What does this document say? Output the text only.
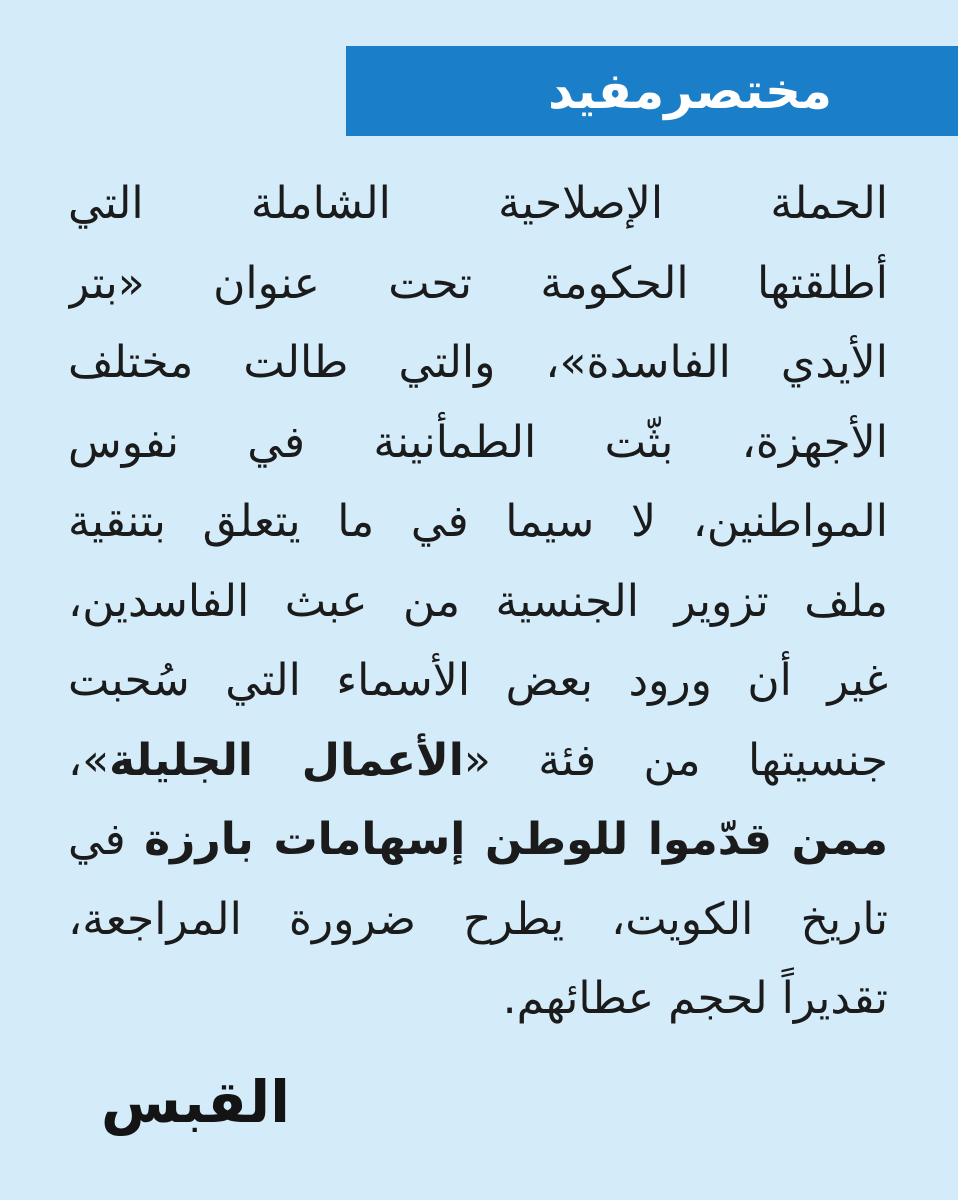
مختصرمفيد
الحملة الإصلاحية الشاملة التي
أطلقتها الحكومة تحت عنوان «بتر
الأيدي الفاسدة»، والتي طالت مختلف
الأجهزة، بثّت الطمأنينة في نفوس
المواطنين، لا سيما في ما يتعلق بتنقية
ملف تزوير الجنسية من عبث الفاسدين،
غير أن ورود بعض الأسماء التي سُحبت
جنسيتها من فئة «الأعمال الجليلة»،
ممن قدّموا للوطن إسهامات بارزة في
تاريخ الكويت، يطرح ضرورة المراجعة،
تقديراً لحجم عطائهم.
القبس
